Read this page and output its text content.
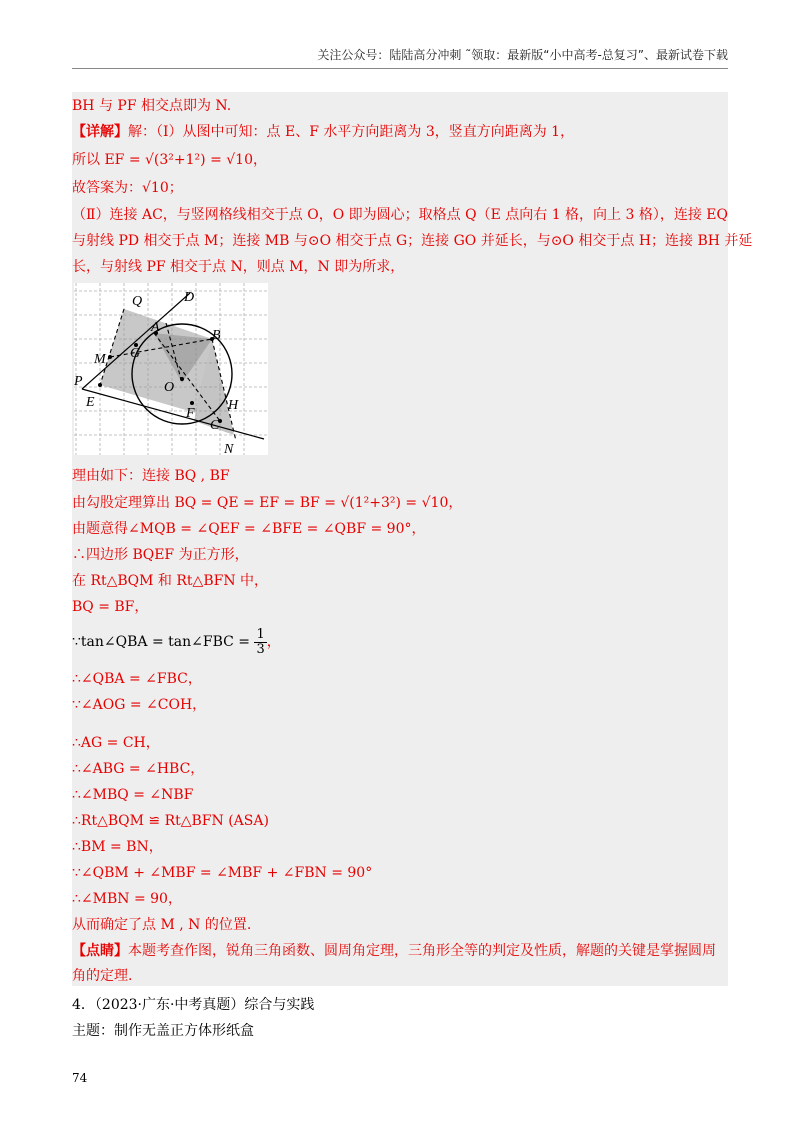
关注公众号：陆陆高分冲刺 ˜领取：最新版“小中高考-总复习”、最新试卷下载
BH 与 PF 相交点即为 N.
【详解】解：（Ⅰ）从图中可知：点 E、F 水平方向距离为 3，竖直方向距离为 1，
所以 EF = √(3²+1²) = √10，
故答案为：√10；
（Ⅱ）连接 AC，与竖网格线相交于点 O，O 即为圆心；取格点 Q（E 点向右 1 格，向上 3 格），连接 EQ
与射线 PD 相交于点 M；连接 MB 与⊙O 相交于点 G；连接 GO 并延长，与⊙O 相交于点 H；连接 BH 并延
长，与射线 PF 相交于点 N，则点 M，N 即为所求，
Q	D
A
B
M G
P	O
E
F
H
C
N
理由如下：连接 BQ , BF
由勾股定理算出 BQ = QE = EF = BF = √(1²+3²) = √10，
由题意得∠MQB = ∠QEF = ∠BFE = ∠QBF = 90°，
∴四边形 BQEF 为正方形，
在 Rt△BQM 和 Rt△BFN 中，
BQ = BF，
∵tan∠QBA = tan∠FBC = $\frac{1}{3}$ ，
∴∠QBA = ∠FBC，
∵∠AOG = ∠COH，
∴AG = CH，
∴∠ABG = ∠HBC，
∴∠MBQ = ∠NBF
∴Rt△BQM ≌ Rt△BFN (ASA)
∴BM = BN，
∵∠QBM + ∠MBF = ∠MBF + ∠FBN = 90°
∴∠MBN = 90，
从而确定了点 M , N 的位置.
【点睛】本题考查作图，锐角三角函数、圆周角定理，三角形全等的判定及性质，解题的关键是掌握圆周
角的定理.
4．（2023·广东·中考真题）综合与实践
主题：制作无盖正方体形纸盒
74
